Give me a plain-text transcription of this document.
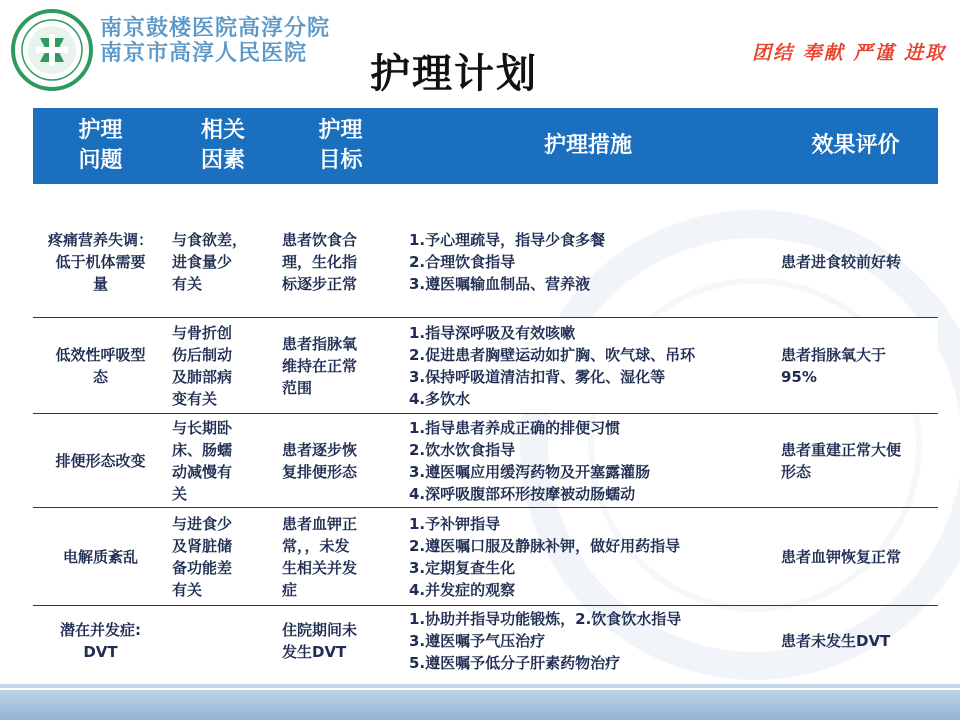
南京鼓楼医院高淳分院
南京市高淳人民医院	团结 奉献 严谨 进取
护理计划
护理
问题
相关
因素
护理
目标
护理措施	效果评价
疼痛营养失调：
低于机体需要
量
与食欲差，
进食量少
有关
患者饮食合
理，生化指
标逐步正常
1.予心理疏导，指导少食多餐
2.合理饮食指导
3.遵医嘱输血制品、营养液
患者进食较前好转
低效性呼吸型
态
与骨折创
伤后制动
及肺部病
变有关
患者指脉氧
维持在正常
范围
1.指导深呼吸及有效咳嗽
2.促进患者胸壁运动如扩胸、吹气球、吊环
3.保持呼吸道清洁扣背、雾化、湿化等
4.多饮水
患者指脉氧大于
95%
排便形态改变
与长期卧
床、肠蠕
动减慢有
关
患者逐步恢
复排便形态
1.指导患者养成正确的排便习惯
2.饮水饮食指导
3.遵医嘱应用缓泻药物及开塞露灌肠
4.深呼吸腹部环形按摩被动肠蠕动
患者重建正常大便
形态
电解质紊乱
与进食少
及肾脏储
备功能差
有关
患者血钾正
常，，未发
生相关并发
症
1.予补钾指导
2.遵医嘱口服及静脉补钾，做好用药指导
3.定期复查生化
4.并发症的观察
患者血钾恢复正常
潜在并发症:
DVT
住院期间未
发生DVT
1.协助并指导功能锻炼，2.饮食饮水指导
3.遵医嘱予气压治疗
5.遵医嘱予低分子肝素药物治疗
患者未发生DVT
